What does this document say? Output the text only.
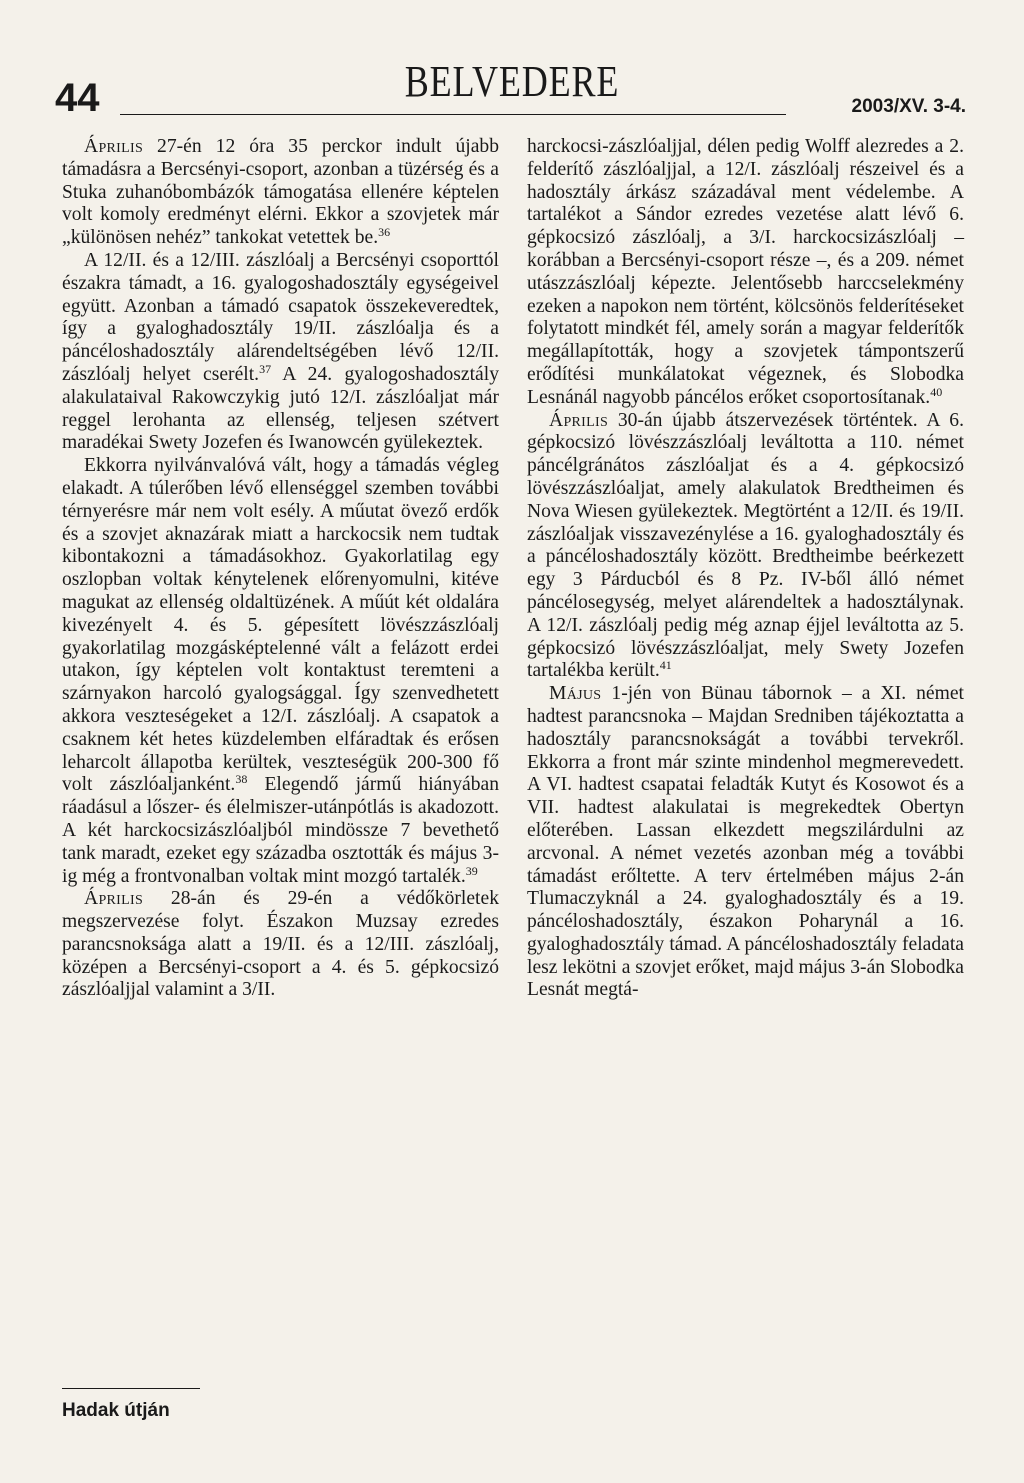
44	BELVEDERE
2003/XV. 3-4.

Április 27-én 12 óra 35 perckor indult újabb támadásra a Bercsényi-csoport, azonban a tüzérség és a Stuka zuhanóbombázók támogatása ellenére képtelen volt komoly eredményt elérni. Ekkor a szovjetek már „különösen nehéz” tankokat vetettek be.$^{36}$

A 12/II. és a 12/III. zászlóalj a Bercsényi csoporttól északra támadt, a 16. gyalogoshadosztály egységeivel együtt. Azonban a támadó csapatok összekeveredtek, így a gyaloghadosztály 19/II. zászlóalja és a páncéloshadosztály alárendeltségében lévő 12/II. zászlóalj helyet cserélt.$^{37}$ A 24. gyalogoshadosztály alakulataival Rakowczykig jutó 12/I. zászlóaljat már reggel lerohanta az ellenség, teljesen szétvert maradékai Swety Jozefen és Iwanowcén gyülekeztek.

Ekkorra nyilvánvalóvá vált, hogy a támadás végleg elakadt. A túlerőben lévő ellenséggel szemben további térnyerésre már nem volt esély. A műutat övező erdők és a szovjet aknazárak miatt a harckocsik nem tudtak kibontakozni a támadásokhoz. Gyakorlatilag egy oszlopban voltak kénytelenek előrenyomulni, kitéve magukat az ellenség oldaltüzének. A műút két oldalára kivezényelt 4. és 5. gépesített lövészzászlóalj gyakorlatilag mozgásképtelenné vált a felázott erdei utakon, így képtelen volt kontaktust teremteni a szárnyakon harcoló gyalogsággal. Így szenvedhetett akkora veszteségeket a 12/I. zászlóalj. A csapatok a csaknem két hetes küzdelemben elfáradtak és erősen leharcolt állapotba kerültek, veszteségük 200-300 fő volt zászlóaljanként.$^{38}$ Elegendő jármű hiányában ráadásul a lőszer- és élelmiszer-utánpótlás is akadozott. A két harckocsizászlóaljból mindössze 7 bevethető tank maradt, ezeket egy századba osztották és május 3-ig még a frontvonalban voltak mint mozgó tartalék.$^{39}$

Április 28-án és 29-én a védőkörletek megszervezése folyt. Északon Muzsay ezredes parancsnoksága alatt a 19/II. és a 12/III. zászlóalj, középen a Bercsényi-csoport a 4. és 5. gépkocsizó zászlóaljjal valamint a 3/II.

harckocsi-zászlóaljjal, délen pedig Wolff alezredes a 2. felderítő zászlóaljjal, a 12/I. zászlóalj részeivel és a hadosztály árkász századával ment védelembe. A tartalékot a Sándor ezredes vezetése alatt lévő 6. gépkocsizó zászlóalj, a 3/I. harckocsizászlóalj – korábban a Bercsényi-csoport része –, és a 209. német utászzászlóalj képezte. Jelentősebb harccselekmény ezeken a napokon nem történt, kölcsönös felderítéseket folytatott mindkét fél, amely során a magyar felderítők megállapították, hogy a szovjetek támpontszerű erődítési munkálatokat végeznek, és Slobodka Lesnánál nagyobb páncélos erőket csoportosítanak.$^{40}$

Április 30-án újabb átszervezések történtek. A 6. gépkocsizó lövészzászlóalj leváltotta a 110. német páncélgránátos zászlóaljat és a 4. gépkocsizó lövészzászlóaljat, amely alakulatok Bredtheimen és Nova Wiesen gyülekeztek. Megtörtént a 12/II. és 19/II. zászlóaljak visszavezénylése a 16. gyaloghadosztály és a páncéloshadosztály között. Bredtheimbe beérkezett egy 3 Párducból és 8 Pz. IV-ből álló német páncélosegység, melyet alárendeltek a hadosztálynak. A 12/I. zászlóalj pedig még aznap éjjel leváltotta az 5. gépkocsizó lövészzászlóaljat, mely Swety Jozefen tartalékba került.$^{41}$

Május 1-jén von Bünau tábornok – a XI. német hadtest parancsnoka – Majdan Sredniben tájékoztatta a hadosztály parancsnokságát a további tervekről. Ekkorra a front már szinte mindenhol megmerevedett. A VI. hadtest csapatai feladták Kutyt és Kosowot és a VII. hadtest alakulatai is megrekedtek Obertyn előterében. Lassan elkezdett megszilárdulni az arcvonal. A német vezetés azonban még a további támadást erőltette. A terv értelmében május 2-án Tlumaczyknál a 24. gyaloghadosztály és a 19. páncéloshadosztály, északon Poharynál a 16. gyaloghadosztály támad. A páncéloshadosztály feladata lesz lekötni a szovjet erőket, majd május 3-án Slobodka Lesnát megtá-

Hadak útján
